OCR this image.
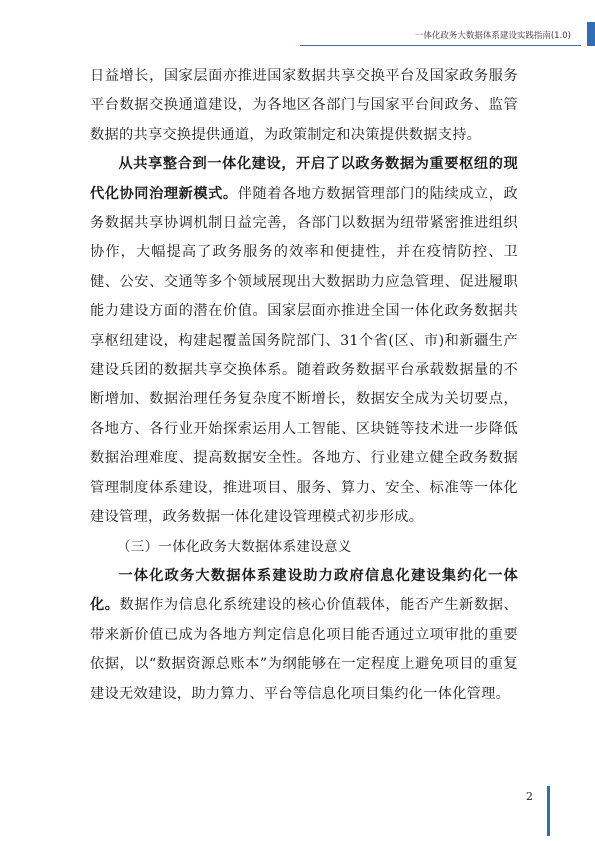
一体化政务大数据体系建设实践指南(1.0)

日益增长，国家层面亦推进国家数据共享交换平台及国家政务服务平台数据交换通道建设，为各地区各部门与国家平台间政务、监管数据的共享交换提供通道，为政策制定和决策提供数据支持。

从共享整合到一体化建设，开启了以政务数据为重要枢纽的现代化协同治理新模式。伴随着各地方数据管理部门的陆续成立，政务数据共享协调机制日益完善，各部门以数据为纽带紧密推进组织协作，大幅提高了政务服务的效率和便捷性，并在疫情防控、卫健、公安、交通等多个领域展现出大数据助力应急管理、促进履职能力建设方面的潜在价值。国家层面亦推进全国一体化政务数据共享枢纽建设，构建起覆盖国务院部门、31个省(区、市)和新疆生产建设兵团的数据共享交换体系。随着政务数据平台承载数据量的不断增加、数据治理任务复杂度不断增长，数据安全成为关切要点，各地方、各行业开始探索运用人工智能、区块链等技术进一步降低数据治理难度、提高数据安全性。各地方、行业建立健全政务数据管理制度体系建设，推进项目、服务、算力、安全、标准等一体化建设管理，政务数据一体化建设管理模式初步形成。

（三）一体化政务大数据体系建设意义

一体化政务大数据体系建设助力政府信息化建设集约化一体化。数据作为信息化系统建设的核心价值载体，能否产生新数据、带来新价值已成为各地方判定信息化项目能否通过立项审批的重要依据，以“数据资源总账本”为纲能够在一定程度上避免项目的重复建设无效建设，助力算力、平台等信息化项目集约化一体化管理。

2
